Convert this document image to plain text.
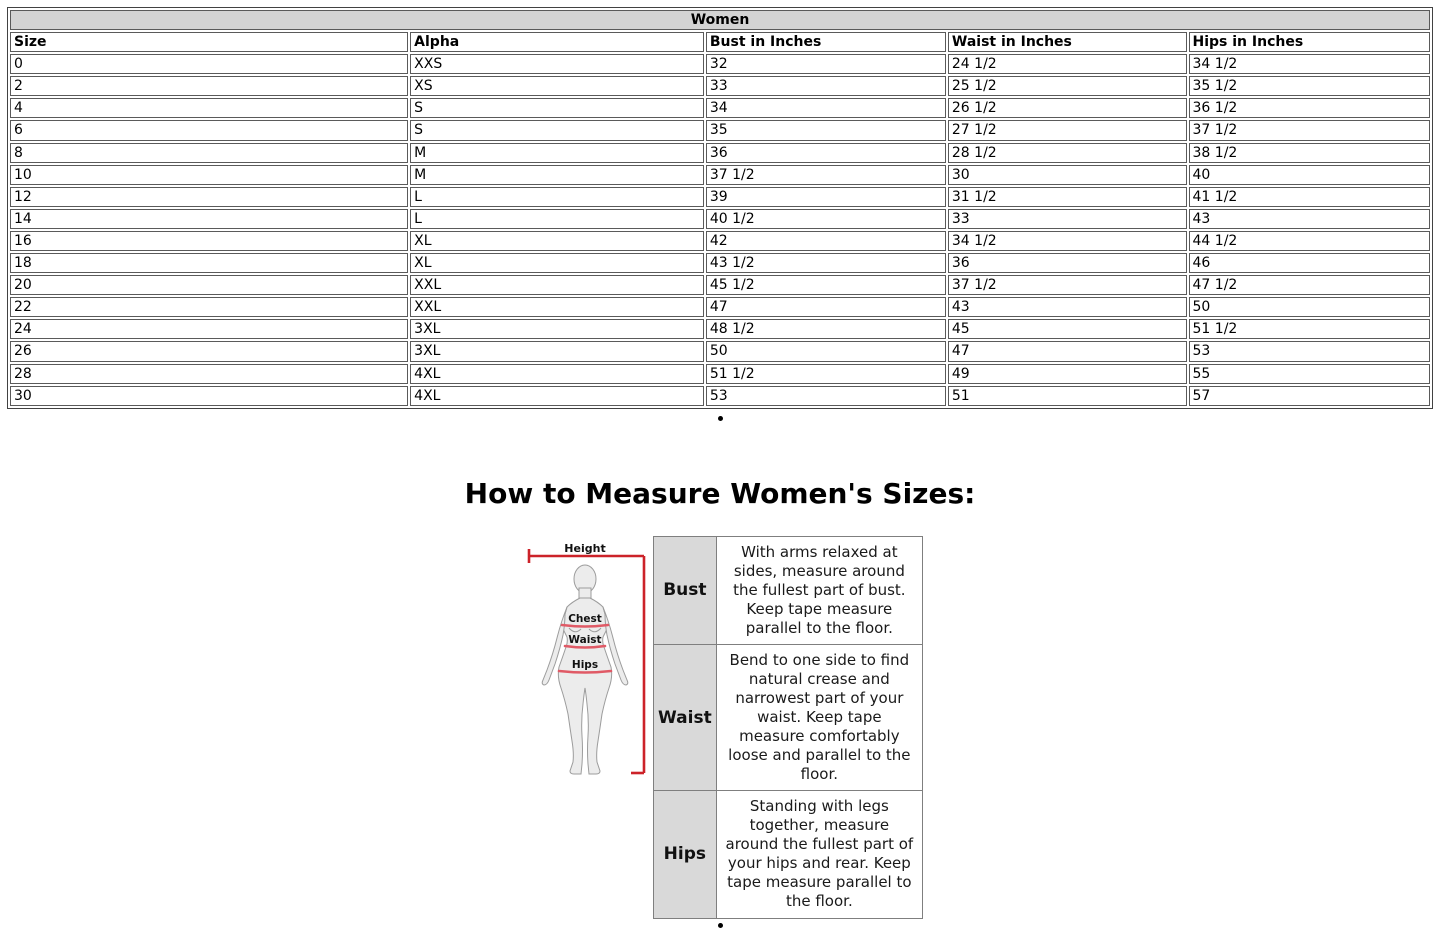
Women				
Size	Alpha	Bust in Inches	Waist in Inches	Hips in Inches
0	XXS	32	24 1/2	34 1/2
2	XS	33	25 1/2	35 1/2
4	S	34	26 1/2	36 1/2
6	S	35	27 1/2	37 1/2
8	M	36	28 1/2	38 1/2
10	M	37 1/2	30	40
12	L	39	31 1/2	41 1/2
14	L	40 1/2	33	43
16	XL	42	34 1/2	44 1/2
18	XL	43 1/2	36	46
20	XXL	45 1/2	37 1/2	47 1/2
22	XXL	47	43	50
24	3XL	48 1/2	45	51 1/2
26	3XL	50	47	53
28	4XL	51 1/2	49	55
30	4XL	53	51	57
How to Measure Women's Sizes:
Height
Chest
Waist
Hips
Bust	With arms relaxed at sides, measure around the fullest part of bust. Keep tape measure parallel to the floor.
Waist	Bend to one side to find natural crease and narrowest part of your waist. Keep tape measure comfortably loose and parallel to the floor.
Hips	Standing with legs together, measure around the fullest part of your hips and rear. Keep tape measure parallel to the floor.
